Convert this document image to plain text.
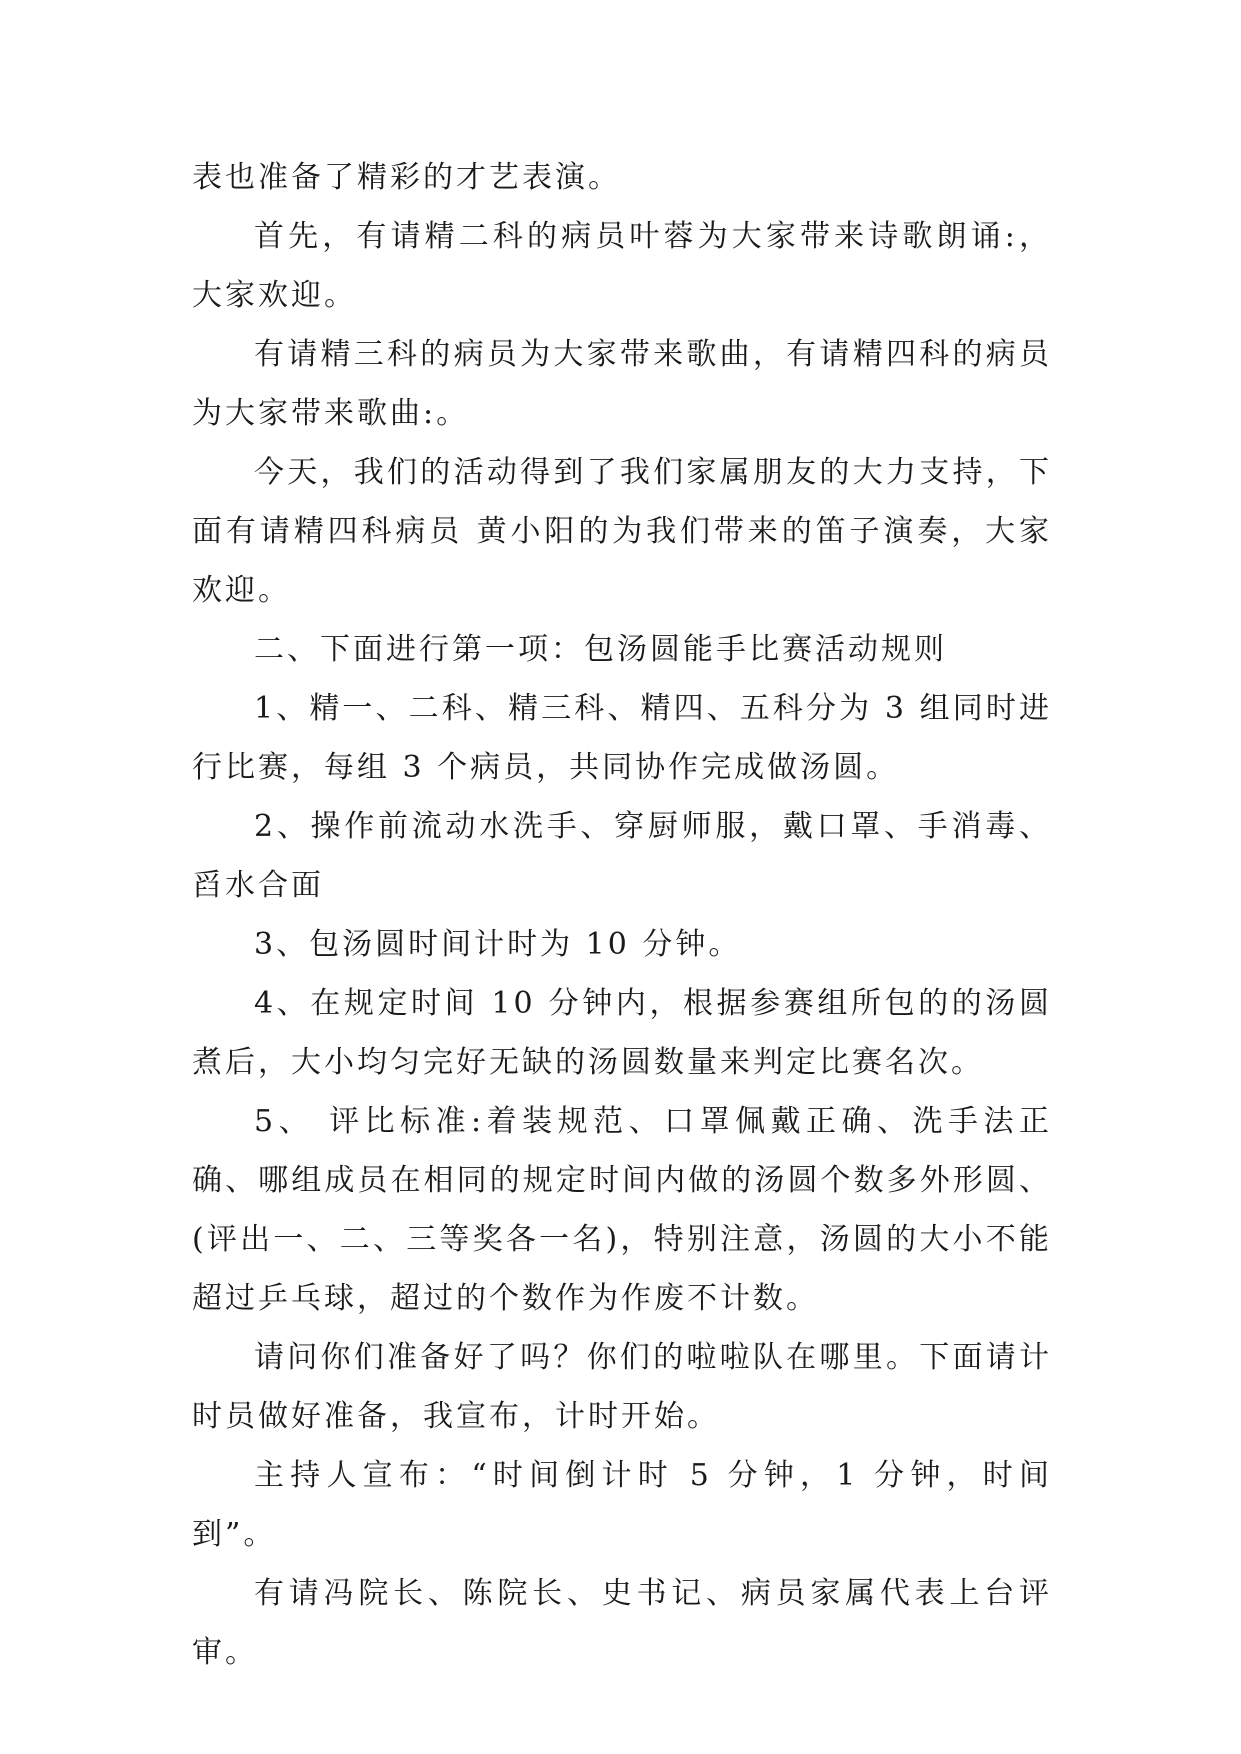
表也准备了精彩的才艺表演。

首先，有请精二科的病员叶蓉为大家带来诗歌朗诵:，大家欢迎。

有请精三科的病员为大家带来歌曲，有请精四科的病员为大家带来歌曲:。

今天，我们的活动得到了我们家属朋友的大力支持，下面有请精四科病员 黄小阳的为我们带来的笛子演奏，大家欢迎。

二、下面进行第一项：包汤圆能手比赛活动规则

1、精一、二科、精三科、精四、五科分为 3 组同时进行比赛，每组 3 个病员，共同协作完成做汤圆。

2、操作前流动水洗手、穿厨师服，戴口罩、手消毒、舀水合面

3、包汤圆时间计时为 10 分钟。

4、在规定时间 10 分钟内，根据参赛组所包的的汤圆煮后，大小均匀完好无缺的汤圆数量来判定比赛名次。

5、 评比标准:着装规范、口罩佩戴正确、洗手法正确、哪组成员在相同的规定时间内做的汤圆个数多外形圆、(评出一、二、三等奖各一名)，特别注意，汤圆的大小不能超过乒乓球，超过的个数作为作废不计数。

请问你们准备好了吗？你们的啦啦队在哪里。下面请计时员做好准备，我宣布，计时开始。

主持人宣布：“时间倒计时 5 分钟，1 分钟，时间到”。

有请冯院长、陈院长、史书记、病员家属代表上台评审。
